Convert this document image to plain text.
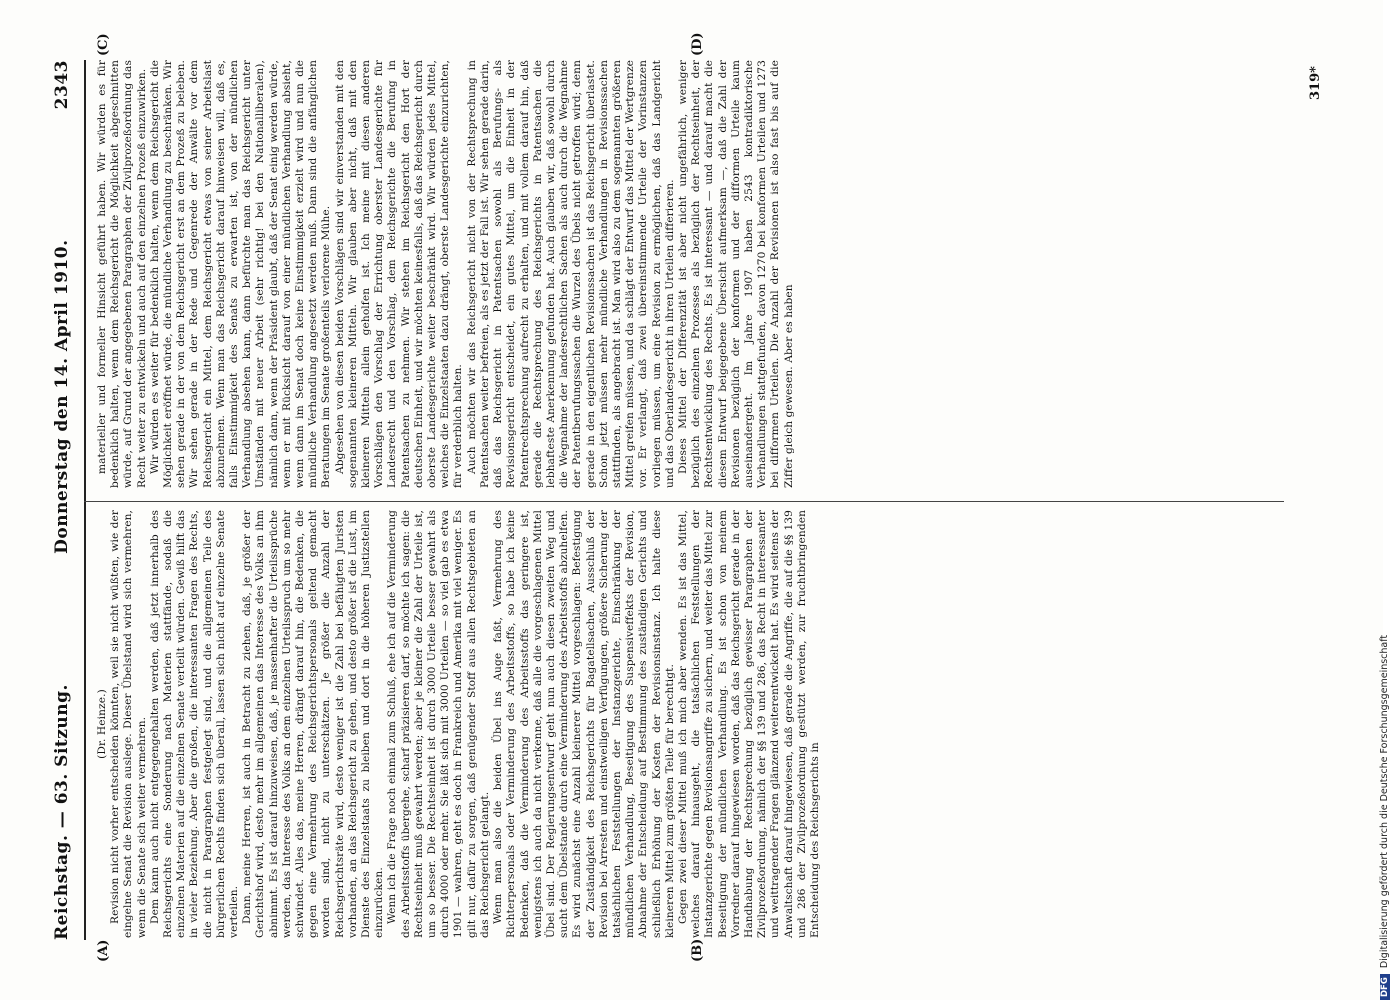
Reichstag. — 63. Sitzung.
Donnerstag den 14. April 1910.
2343
(A)	(B)
(C)	(D)

(Dr. Heinze.) Revision nicht vorher entscheiden könnten, weil sie nicht wüßten, wie der eingelne Senat die Revision auslege. Dieser Übelstand wird sich vermehren, wenn die Senate sich weiter vermehren. Dem kann auch nicht entgegengehalten werden, daß jetzt innerhalb des Reichsgerichts eine Sonderung nach Materien stattfände, sodaß die einzelnen Materien auf die einzelnen Senate verteilt würden. Gewiß hilft das in vieler Beziehung. Aber die großen, die interessanten Fragen des Rechts, die nicht in Paragraphen festgelegt sind, und die allgemeinen Teile des bürgerlichen Rechts finden sich überall, lassen sich nicht auf einzelne Senate verteilen. Dann, meine Herren, ist auch in Betracht zu ziehen, daß, je größer der Gerichtshof wird, desto mehr im allgemeinen das Interesse des Volks an ihm abnimmt. Es ist darauf hinzuweisen, daß, je massenhafter die Urteilssprüche werden, das Interesse des Volks an dem einzelnen Urteilsspruch um so mehr schwindet. Alles das, meine Herren, drängt darauf hin, die Bedenken, die gegen eine Vermehrung des Reichsgerichtspersonals geltend gemacht worden sind, nicht zu unterschätzen. Je größer die Anzahl der Reichsgerichtsräte wird, desto weniger ist die Zahl bei befähigten Juristen vorhanden, an das Reichsgericht zu gehen, und desto größer ist die Lust, im Dienste des Einzelstaats zu bleiben und dort in die höheren Justizstellen einzurücken. Wenn ich die Frage noch einmal zum Schluß, ehe ich auf die Verminderung des Arbeitsstoffs übergehe, scharf präzisieren darf, so möchte ich sagen: die Rechtseinheit muß gewahrt werden; aber je kleiner die Zahl der Urteile ist, um so besser. Die Rechtseinheit ist durch 3000 Urteile besser gewahrt als durch 4000 oder mehr. Sie läßt sich mit 3000 Urteilen — so viel gab es etwa 1901 — wahren, geht es doch in Frankreich und Amerika mit viel weniger. Es gilt nur, dafür zu sorgen, daß genügender Stoff aus allen Rechtsgebieten an das Reichsgericht gelangt. Wenn man also die beiden Übel ins Auge faßt, Vermehrung des Richterpersonals oder Verminderung des Arbeitsstoffs, so habe ich keine Bedenken, daß die Verminderung des Arbeitsstoffs das geringere ist, wenigstens ich auch da nicht verkenne, daß alle die vorgeschlagenen Mittel Übel sind. Der Regierungsentwurf geht nun auch diesen zweiten Weg und sucht dem Übelstande durch eine Verminderung des Arbeitsstoffs abzuhelfen. Es wird zunächst eine Anzahl kleinerer Mittel vorgeschlagen: Befestigung der Zuständigkeit des Reichsgerichts für Bagatellsachen, Ausschluß der Revision bei Arresten und einstweiligen Verfügungen, größere Sicherung der tatsächlichen Feststellungen der Instanzgerichte, Einschränkung der mündlichen Verhandlung, Beseitigung des Suspensiveffekts der Revision, Abnahme der Entscheidung auf Bestimmung des zuständigen Gerichts und schließlich Erhöhung der Kosten der Revisionsinstanz. Ich halte diese kleineren Mittel zum größten Teile für berechtigt. Gegen zwei dieser Mittel muß ich mich aber wenden. Es ist das Mittel, welches darauf hinausgeht, die tatsächlichen Feststellungen der Instanzgerichte gegen Revisionsangriffe zu sichern, und weiter das Mittel zur Beseitigung der mündlichen Verhandlung. Es ist schon von meinem Vorredner darauf hingewiesen worden, daß das Reichsgericht gerade in der Handhabung der Rechtsprechung bezüglich gewisser Paragraphen der Zivilprozeßordnung, nämlich der §§ 139 und 286, das Recht in interessanter und weittragender Fragen glänzend weiterentwickelt hat. Es wird seitens der Anwaltschaft darauf hingewiesen, daß gerade die Angriffe, die auf die §§ 139 und 286 der Zivilprozeßordnung gestützt werden, zur fruchtbringenden Entscheidung des Reichsgerichts in

materieller und formeller Hinsicht geführt haben. Wir würden es für bedenklich halten, wenn dem Reichsgericht die Möglichkeit abgeschnitten würde, auf Grund der angegebenen Paragraphen der Zivilprozeßordnung das Recht weiter zu entwickeln und auch auf den einzelnen Prozeß einzuwirken. Wir würden es weiter für bedenklich halten, wenn dem Reichsgericht die Möglichkeit eröffnet würde, die mündliche Verhandlung zu beschränken. Wir sehen gerade in der von dem Reichsgericht erst an dem Prozeß zu beleben. Wir sehen gerade in der Rede und Gegenrede der Anwälte vor dem Reichsgericht ein Mittel, dem Reichsgericht etwas von seiner Arbeitslast abzunehmen. Wenn man das Reichsgericht darauf hinweisen will, daß es, falls Einstimmigkeit des Senats zu erwarten ist, von der mündlichen Verhandlung absehen kann, dann befürchte man das Reichsgericht unter Umständen mit neuer Arbeit (sehr richtig! bei den Nationalliberalen), nämlich dann, wenn der Präsident glaubt, daß der Senat einig werden würde, wenn er mit Rücksicht darauf von einer mündlichen Verhandlung absieht, wenn dann im Senat doch keine Einstimmigkeit erzielt wird und nun die mündliche Verhandlung angesetzt werden muß. Dann sind die anfänglichen Beratungen im Senate großenteils verlorene Mühe. Abgesehen von diesen beiden Vorschlägen sind wir einverstanden mit den sogenannten kleineren Mitteln. Wir glauben aber nicht, daß mit den kleineren Mitteln allein geholfen ist. Ich meine mit diesen anderen Vorschlägen den Vorschlag der Errichtung oberster Landesgerichte für Landesrecht und den Vorschlag, dem Reichsgerichte die Berufung in Patentsachen zu nehmen. Wir stehen im Reichsgericht den Hort der deutschen Einheit, und wir möchten keinesfalls, daß das Reichsgericht durch oberste Landesgerichte weiter beschränkt wird. Wir würden jedes Mittel, welches die Einzelstaaten dazu drängt, oberste Landesgerichte einzurichten, für verderblich halten. Auch möchten wir das Reichsgericht nicht von der Rechtsprechung in Patentsachen weiter befreien, als es jetzt der Fall ist. Wir sehen gerade darin, daß das Reichsgericht in Patentsachen sowohl als Berufungs- als Revisionsgericht entscheidet, ein gutes Mittel, um die Einheit in der Patentrechtsprechung aufrecht zu erhalten, und mit vollem darauf hin, daß gerade die Rechtsprechung des Reichsgerichts in Patentsachen die lebhafteste Anerkennung gefunden hat. Auch glauben wir, daß sowohl durch die Wegnahme der landesrechtlichen Sachen als auch durch die Wegnahme der Patentberufungssachen die Wurzel des Übels nicht getroffen wird; denn gerade in den eigentlichen Revisionssachen ist das Reichsgericht überlastet. Schon jetzt müssen mehr mündliche Verhandlungen in Revisionssachen stattfinden, als angebracht ist. Man wird also zu dem sogenannten größeren Mittel greifen müssen, und da schlägt der Entwurf das Mittel der Wertgrenze vor. Er verlangt, daß zwei übereinstimmende Urteile der Vorinstanzen vorliegen müssen, um eine Revision zu ermöglichen, daß das Landgericht und das Oberlandesgericht in ihren Urteilen differieren. Dieses Mittel der Differenzität ist aber nicht ungefährlich, weniger bezüglich des einzelnen Prozesses als bezüglich der Rechtseinheit, der Rechtsentwicklung des Rechts. Es ist interessant — und darauf macht die diesem Entwurf beigegebene Übersicht aufmerksam —, daß die Zahl der Revisionen bezüglich der konformen und der difformen Urteile kaum auseinandergeht. Im Jahre 1907 haben 2543 kontradiktorische Verhandlungen stattgefunden, davon 1270 bei konformen Urteilen und 1273 bei difformen Urteilen. Die Anzahl der Revisionen ist also fast bis auf die Ziffer gleich gewesen. Aber es haben

319*
DFGDigitalisierung gefördert durch die Deutsche Forschungsgemeinschaft
